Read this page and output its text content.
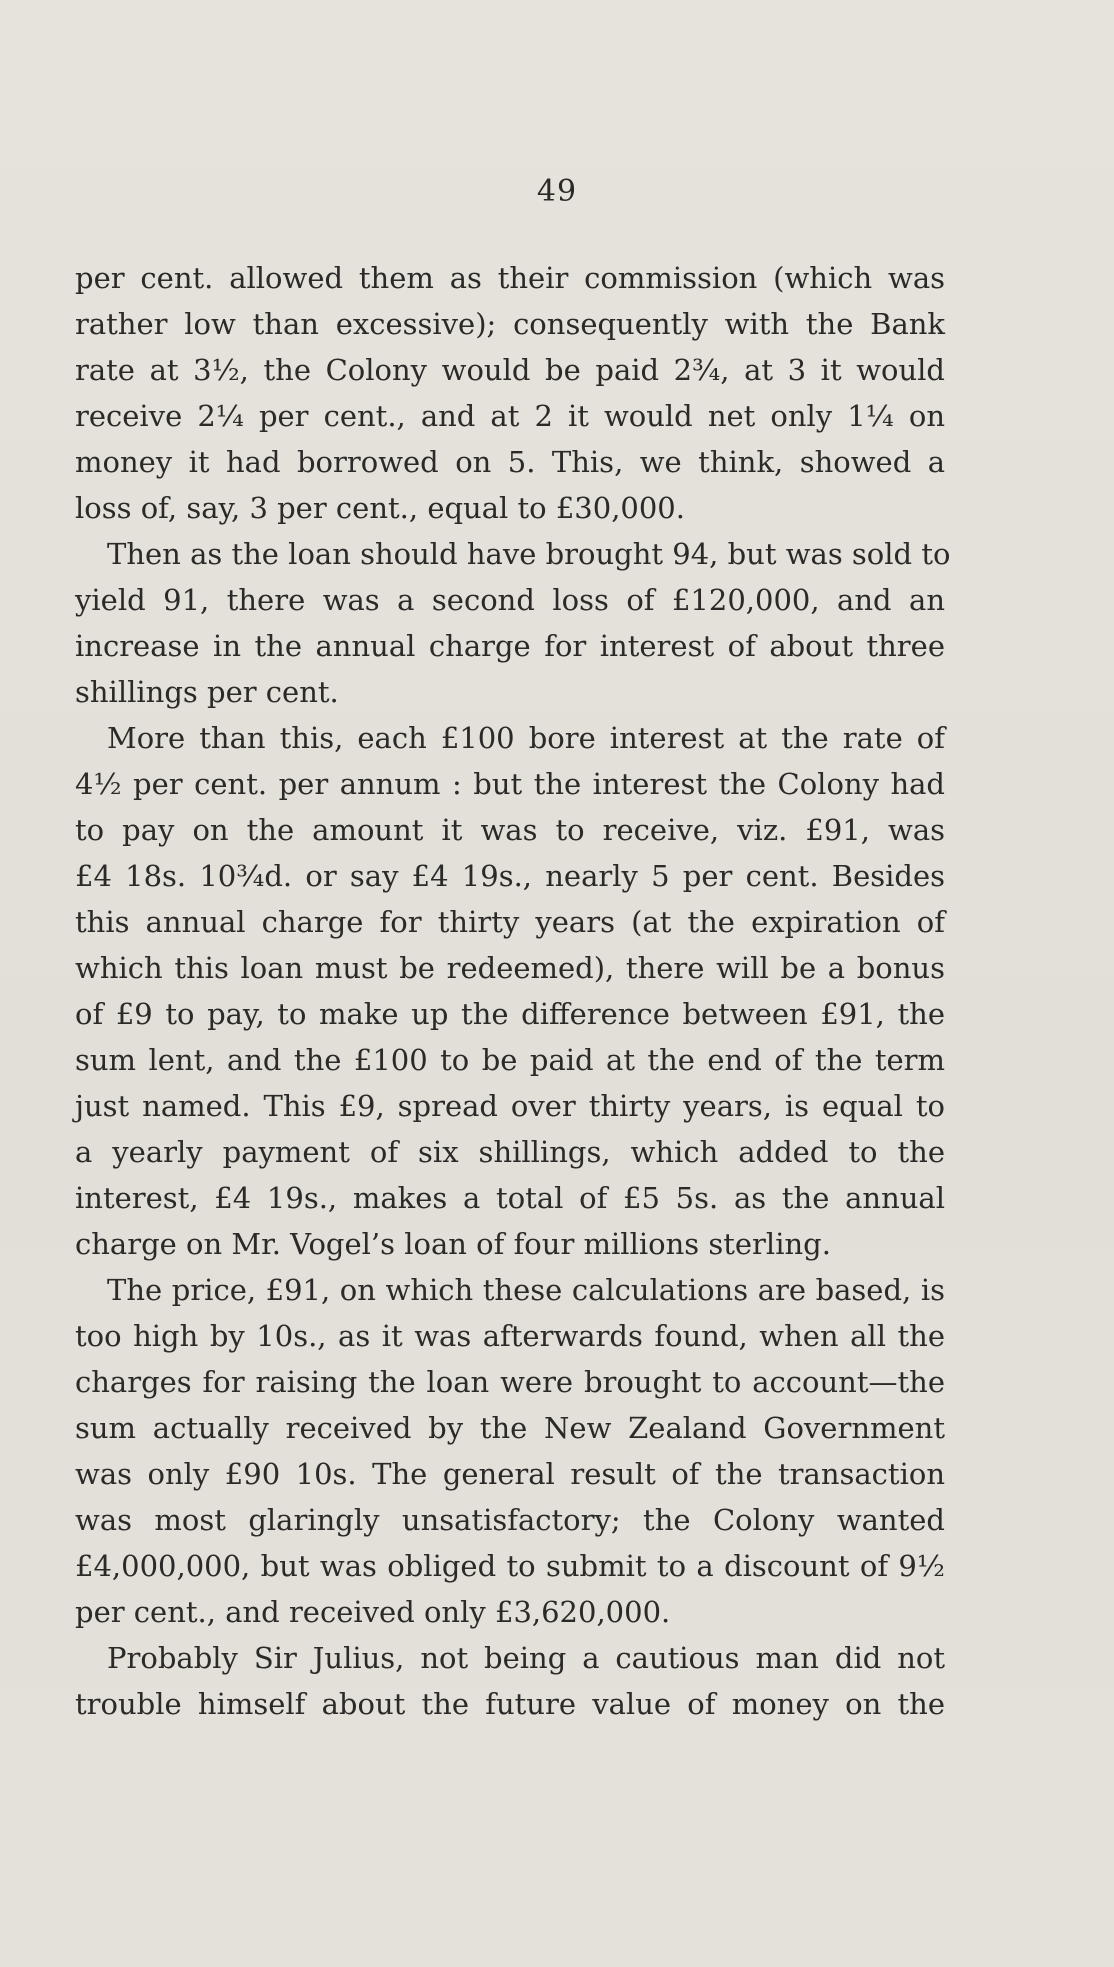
49
per cent. allowed them as their commission (which was
rather low than excessive); consequently with the Bank
rate at 3½, the Colony would be paid 2¾, at 3 it would
receive 2¼ per cent., and at 2 it would net only 1¼ on
money it had borrowed on 5. This, we think, showed a
loss of, say, 3 per cent., equal to £30,000.
Then as the loan should have brought 94, but was sold to
yield 91, there was a second loss of £120,000, and an
increase in the annual charge for interest of about three
shillings per cent.
More than this, each £100 bore interest at the rate of
4½ per cent. per annum : but the interest the Colony had
to pay on the amount it was to receive, viz. £91, was
£4 18s. 10¾d. or say £4 19s., nearly 5 per cent. Besides
this annual charge for thirty years (at the expiration of
which this loan must be redeemed), there will be a bonus
of £9 to pay, to make up the difference between £91, the
sum lent, and the £100 to be paid at the end of the term
just named. This £9, spread over thirty years, is equal to
a yearly payment of six shillings, which added to the
interest, £4 19s., makes a total of £5 5s. as the annual
charge on Mr. Vogel’s loan of four millions sterling.
The price, £91, on which these calculations are based, is
too high by 10s., as it was afterwards found, when all the
charges for raising the loan were brought to account—the
sum actually received by the New Zealand Government
was only £90 10s. The general result of the transaction
was most glaringly unsatisfactory; the Colony wanted
£4,000,000, but was obliged to submit to a discount of 9½
per cent., and received only £3,620,000.
Probably Sir Julius, not being a cautious man did not
trouble himself about the future value of money on the
